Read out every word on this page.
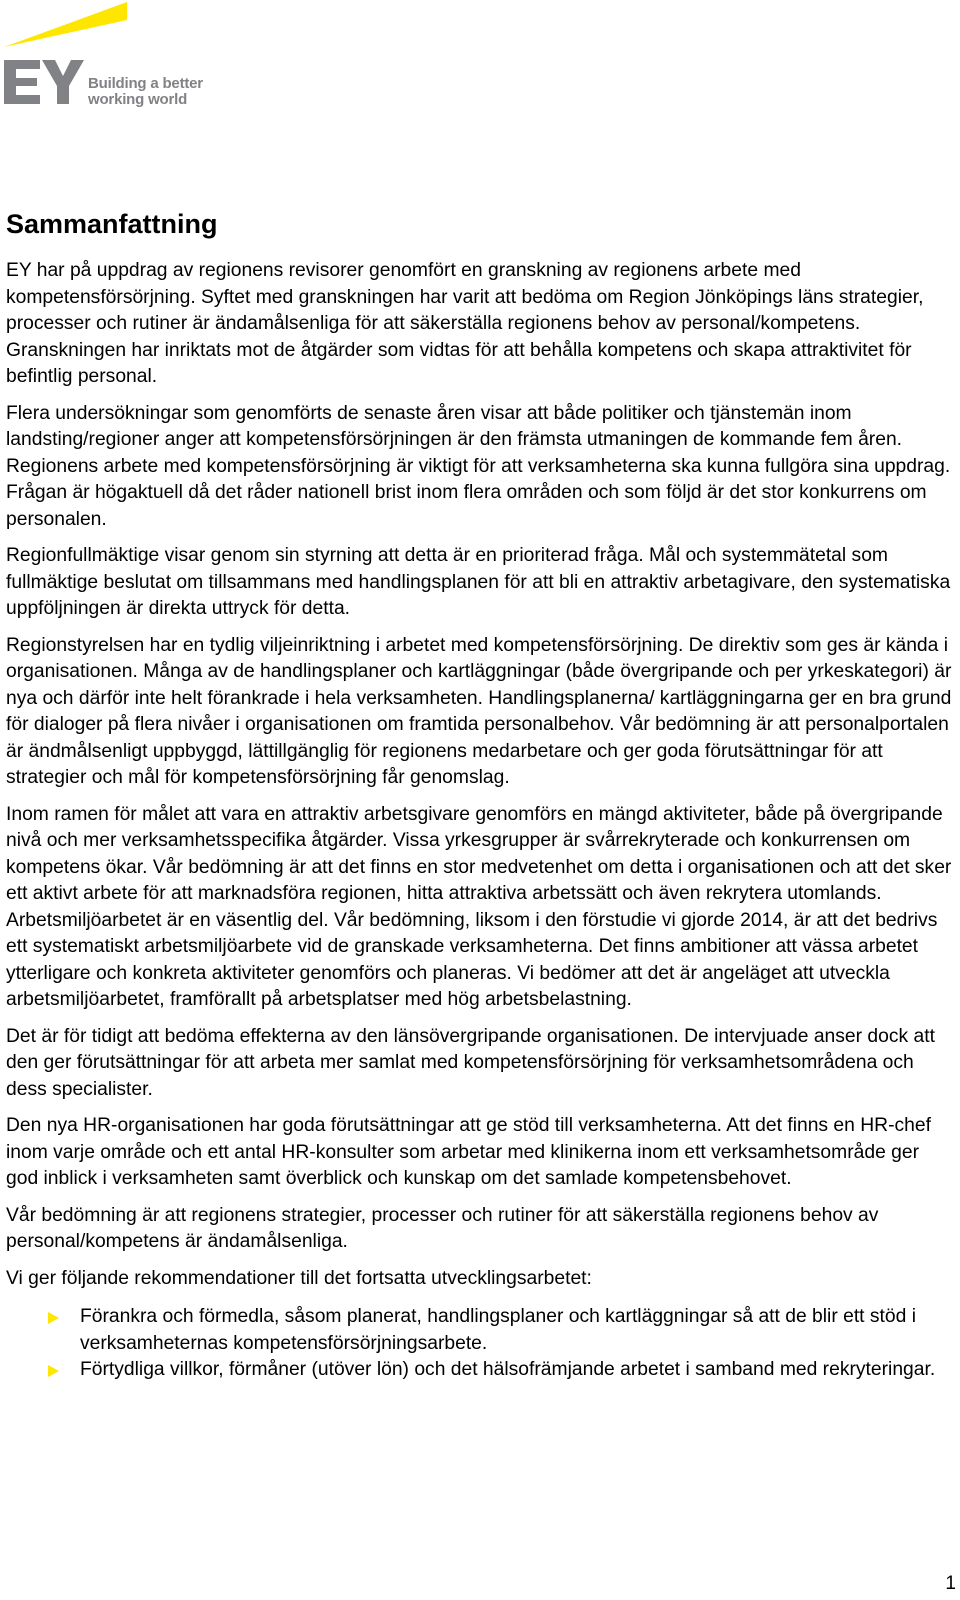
Building a better
working world
Sammanfattning

EY har på uppdrag av regionens revisorer genomfört en granskning av regionens arbete med kompetensförsörjning. Syftet med granskningen har varit att bedöma om Region Jönköpings läns strategier, processer och rutiner är ändamålsenliga för att säkerställa regionens behov av personal/kompetens. Granskningen har inriktats mot de åtgärder som vidtas för att behålla kompetens och skapa attraktivitet för befintlig personal.

Flera undersökningar som genomförts de senaste åren visar att både politiker och tjänstemän inom landsting/regioner anger att kompetensförsörjningen är den främsta utmaningen de kommande fem åren. Regionens arbete med kompetensförsörjning är viktigt för att verksamheterna ska kunna fullgöra sina uppdrag. Frågan är högaktuell då det råder nationell brist inom flera områden och som följd är det stor konkurrens om personalen.

Regionfullmäktige visar genom sin styrning att detta är en prioriterad fråga. Mål och systemmätetal som fullmäktige beslutat om tillsammans med handlingsplanen för att bli en attraktiv arbetagivare, den systematiska uppföljningen är direkta uttryck för detta.

Regionstyrelsen har en tydlig viljeinriktning i arbetet med kompetensförsörjning. De direktiv som ges är kända i organisationen. Många av de handlingsplaner och kartläggningar (både övergripande och per yrkeskategori) är nya och därför inte helt förankrade i hela verksamheten. Handlingsplanerna/ kartläggningarna ger en bra grund för dialoger på flera nivåer i organisationen om framtida personalbehov. Vår bedömning är att personalportalen är ändmålsenligt uppbyggd, lättillgänglig för regionens medarbetare och ger goda förutsättningar för att strategier och mål för kompetensförsörjning får genomslag.

Inom ramen för målet att vara en attraktiv arbetsgivare genomförs en mängd aktiviteter, både på övergripande nivå och mer verksamhetsspecifika åtgärder. Vissa yrkesgrupper är svårrekryterade och konkurrensen om kompetens ökar. Vår bedömning är att det finns en stor medvetenhet om detta i organisationen och att det sker ett aktivt arbete för att marknadsföra regionen, hitta attraktiva arbetssätt och även rekrytera utomlands. Arbetsmiljöarbetet är en väsentlig del. Vår bedömning, liksom i den förstudie vi gjorde 2014, är att det bedrivs ett systematiskt arbetsmiljöarbete vid de granskade verksamheterna. Det finns ambitioner att vässa arbetet ytterligare och konkreta aktiviteter genomförs och planeras. Vi bedömer att det är angeläget att utveckla arbetsmiljöarbetet, framförallt på arbetsplatser med hög arbetsbelastning.

Det är för tidigt att bedöma effekterna av den länsövergripande organisationen. De intervjuade anser dock att den ger förutsättningar för att arbeta mer samlat med kompetensförsörjning för verksamhetsområdena och dess specialister.

Den nya HR-organisationen har goda förutsättningar att ge stöd till verksamheterna. Att det finns en HR-chef inom varje område och ett antal HR-konsulter som arbetar med klinikerna inom ett verksamhetsområde ger god inblick i verksamheten samt överblick och kunskap om det samlade kompetensbehovet.

Vår bedömning är att regionens strategier, processer och rutiner för att säkerställa regionens behov av personal/kompetens är ändamålsenliga.

Vi ger följande rekommendationer till det fortsatta utvecklingsarbetet:

Förankra och förmedla, såsom planerat, handlingsplaner och kartläggningar så att de blir ett stöd i verksamheternas kompetensförsörjningsarbete.
Förtydliga villkor, förmåner (utöver lön) och det hälsofrämjande arbetet i samband med rekryteringar.
1
